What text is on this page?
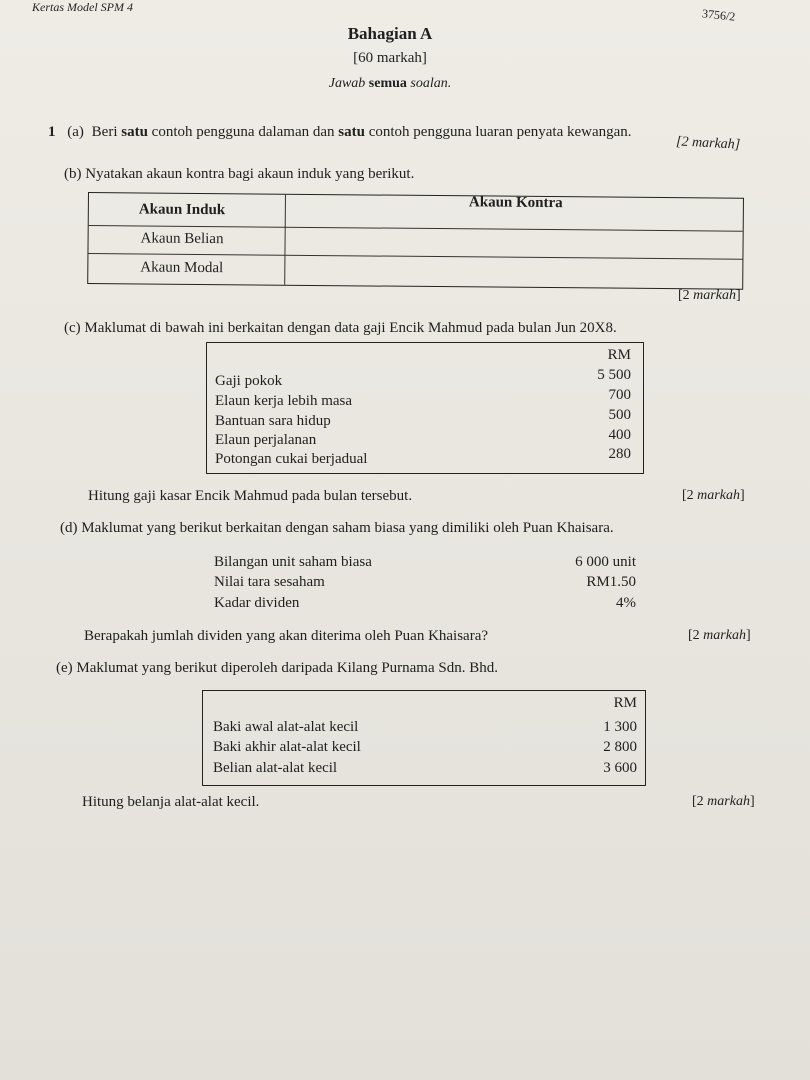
Kertas Model SPM 4	3756/2
Bahagian A
[60 markah]
Jawab semua soalan.
1 (a) Beri satu contoh pengguna dalaman dan satu contoh pengguna luaran penyata kewangan.
[2 markah]
(b) Nyatakan akaun kontra bagi akaun induk yang berikut.
Akaun Induk	Akaun Kontra
Akaun Belian
Akaun Modal
[2 markah]
(c) Maklumat di bawah ini berkaitan dengan data gaji Encik Mahmud pada bulan Jun 20X8.
RM
Gaji pokok	5 500
Elaun kerja lebih masa	700
Bantuan sara hidup	500
Elaun perjalanan	400
Potongan cukai berjadual	280
Hitung gaji kasar Encik Mahmud pada bulan tersebut.	[2 markah]
(d) Maklumat yang berikut berkaitan dengan saham biasa yang dimiliki oleh Puan Khaisara.
Bilangan unit saham biasa	6 000 unit
Nilai tara sesaham	RM1.50
Kadar dividen	4%
Berapakah jumlah dividen yang akan diterima oleh Puan Khaisara?	[2 markah]
(e) Maklumat yang berikut diperoleh daripada Kilang Purnama Sdn. Bhd.
RM
Baki awal alat-alat kecil	1 300
Baki akhir alat-alat kecil	2 800
Belian alat-alat kecil	3 600
Hitung belanja alat-alat kecil.	[2 markah]
